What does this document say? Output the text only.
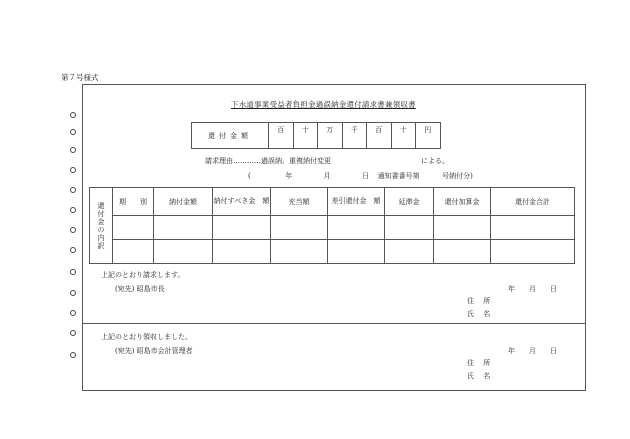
第７号様式
下水道事業受益者負担金過誤納金還付請求書兼領収書
還付金額	百	十	万	千	百	十	円
請求理由…………過誤納、重複納付変更	による。
(	年	月	日 通知書番号第	号納付分)
還付金の内訳	期　　別	納付金額	納付すべき金　額	充当額	差引還付金　額	延滞金	還付加算金	還付金合計

上記のとおり請求します。
(宛先) 昭島市長	年　　月　　日
住 所
氏 名
上記のとおり領収しました。
(宛先) 昭島市会計管理者	年　　月　　日
住 所
氏 名
